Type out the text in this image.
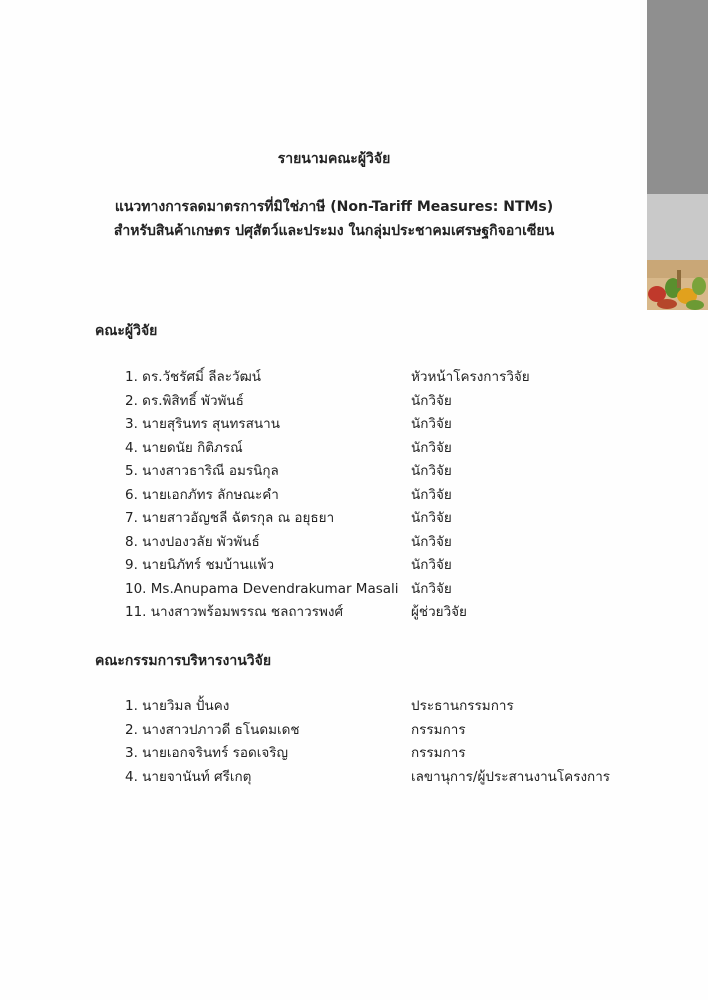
รายนามคณะผู้วิจัย
แนวทางการลดมาตรการที่มิใช่ภาษี (Non-Tariff Measures: NTMs)
สำหรับสินค้าเกษตร ปศุสัตว์และประมง ในกลุ่มประชาคมเศรษฐกิจอาเซียน
คณะผู้วิจัย
1. ดร.วัชรัศมิ์ ลีละวัฒน์	หัวหน้าโครงการวิจัย
2. ดร.พิสิทธิ์ พัวพันธ์	นักวิจัย
3. นายสุรินทร สุนทรสนาน	นักวิจัย
4. นายดนัย กิติภรณ์	นักวิจัย
5. นางสาวธาริณี อมรนิกุล	นักวิจัย
6. นายเอกภัทร ลักษณะคำ	นักวิจัย
7. นายสาวอัญชลี ฉัตรกุล ณ อยุธยา	นักวิจัย
8. นางปองวลัย พัวพันธ์	นักวิจัย
9. นายนิภัทร์ ชมบ้านแพ้ว	นักวิจัย
10. Ms.Anupama Devendrakumar Masali นักวิจัย
11. นางสาวพร้อมพรรณ ชลถาวรพงศ์	ผู้ช่วยวิจัย
คณะกรรมการบริหารงานวิจัย
1. นายวิมล ปั้นคง	ประธานกรรมการ
2. นางสาวปภาวดี ธโนดมเดช	กรรมการ
3. นายเอกจรินทร์ รอดเจริญ	กรรมการ
4. นายจานันท์ ศรีเกตุ	เลขานุการ/ผู้ประสานงานโครงการ
